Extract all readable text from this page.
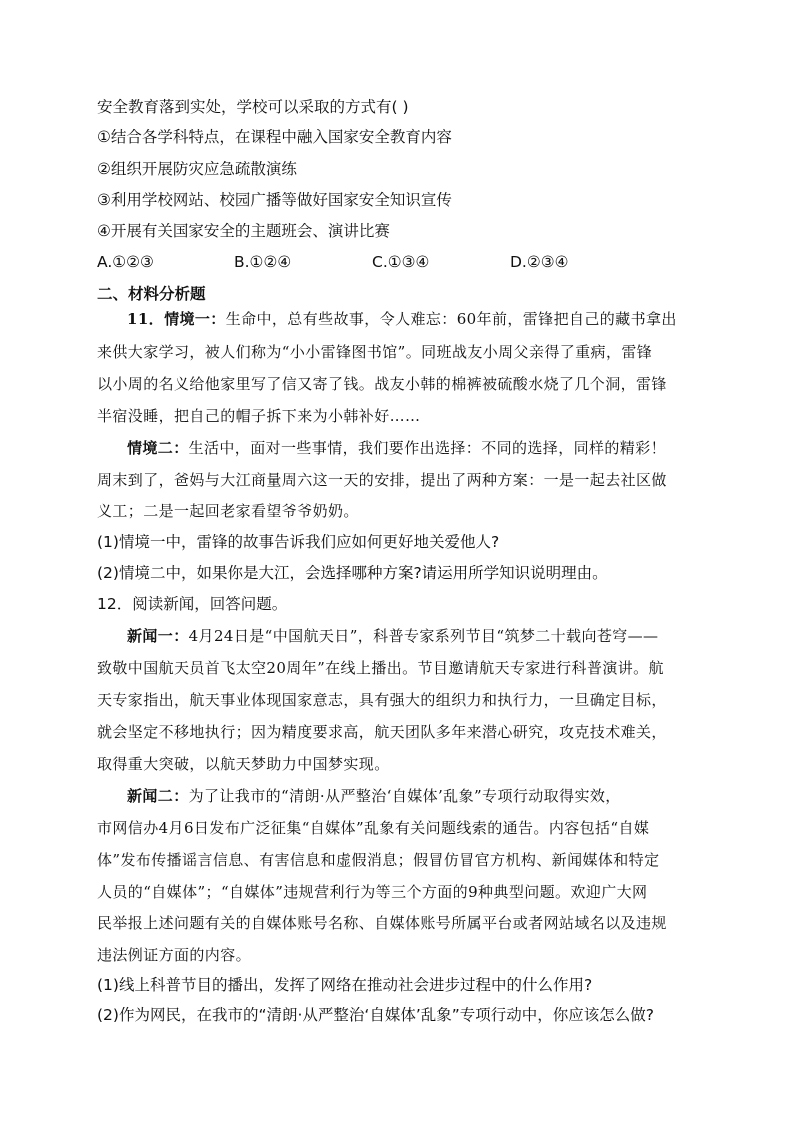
安全教育落到实处，学校可以采取的方式有( )
①结合各学科特点，在课程中融入国家安全教育内容
②组织开展防灾应急疏散演练
③利用学校网站、校园广播等做好国家安全知识宣传
④开展有关国家安全的主题班会、演讲比赛
A.①②③	B.①②④	C.①③④	D.②③④
二、材料分析题
11．情境一：生命中，总有些故事，令人难忘：60年前，雷锋把自己的藏书拿出
来供大家学习，被人们称为“小小雷锋图书馆”。同班战友小周父亲得了重病，雷锋
以小周的名义给他家里写了信又寄了钱。战友小韩的棉裤被硫酸水烧了几个洞，雷锋
半宿没睡，把自己的帽子拆下来为小韩补好……
情境二：生活中，面对一些事情，我们要作出选择：不同的选择，同样的精彩！
周末到了，爸妈与大江商量周六这一天的安排，提出了两种方案：一是一起去社区做
义工；二是一起回老家看望爷爷奶奶。
(1)情境一中，雷锋的故事告诉我们应如何更好地关爱他人?
(2)情境二中，如果你是大江，会选择哪种方案?请运用所学知识说明理由。
12．阅读新闻，回答问题。
新闻一：4月24日是“中国航天日”，科普专家系列节目“筑梦二十载向苍穹——
致敬中国航天员首飞太空20周年”在线上播出。节目邀请航天专家进行科普演讲。航
天专家指出，航天事业体现国家意志，具有强大的组织力和执行力，一旦确定目标，
就会坚定不移地执行；因为精度要求高，航天团队多年来潜心研究，攻克技术难关，
取得重大突破，以航天梦助力中国梦实现。
新闻二：为了让我市的“清朗·从严整治‘自媒体’乱象”专项行动取得实效，
市网信办4月6日发布广泛征集“自媒体”乱象有关问题线索的通告。内容包括“自媒
体”发布传播谣言信息、有害信息和虚假消息；假冒仿冒官方机构、新闻媒体和特定
人员的“自媒体”；“自媒体”违规营利行为等三个方面的9种典型问题。欢迎广大网
民举报上述问题有关的自媒体账号名称、自媒体账号所属平台或者网站域名以及违规
违法例证方面的内容。
(1)线上科普节目的播出，发挥了网络在推动社会进步过程中的什么作用?
(2)作为网民，在我市的“清朗·从严整治‘自媒体’乱象”专项行动中，你应该怎么做?
